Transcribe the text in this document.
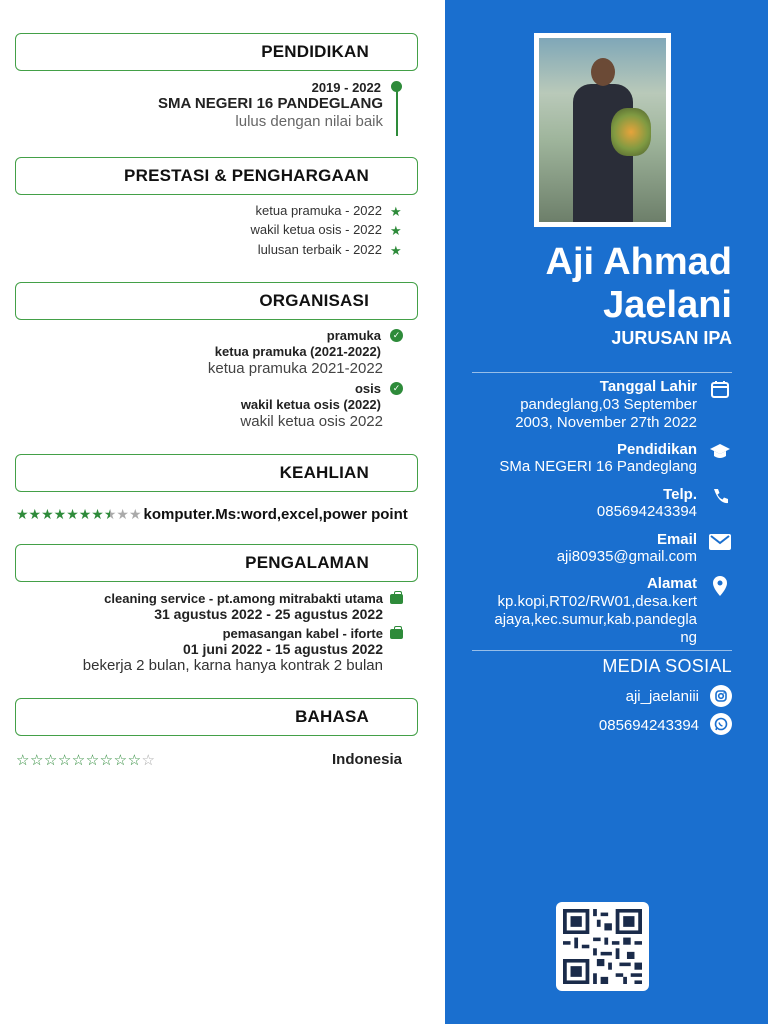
PENDIDIKAN
2019 - 2022
SMA NEGERI 16 PANDEGLANG
lulus dengan nilai baik
PRESTASI & PENGHARGAAN
ketua pramuka - 2022 ★
wakil ketua osis - 2022 ★
lulusan terbaik - 2022 ★
ORGANISASI
pramuka	✓
ketua pramuka (2021-2022)
ketua pramuka 2021-2022
osis	✓
wakil ketua osis (2022)
wakil ketua osis 2022
KEAHLIAN
★★★★★★★★★★ komputer.Ms:word,excel,power point
PENGALAMAN
cleaning service - pt.among mitrabakti utama
31 agustus 2022 - 25 agustus 2022
pemasangan kabel - iforte
01 juni 2022 - 15 agustus 2022
bekerja 2 bulan, karna hanya kontrak 2 bulan
BAHASA
☆☆☆☆☆☆☆☆☆☆	Indonesia
Aji Ahmad
Jaelani
JURUSAN IPA
Tanggal Lahir
pandeglang,03 September
2003, November 27th 2022
Pendidikan
SMa NEGERI 16 Pandeglang
Telp.
085694243394
Email
aji80935@gmail.com
Alamat
kp.kopi,RT02/RW01,desa.kert
ajaya,kec.sumur,kab.pandegla
ng
MEDIA SOSIAL
aji_jaelaniii
085694243394
